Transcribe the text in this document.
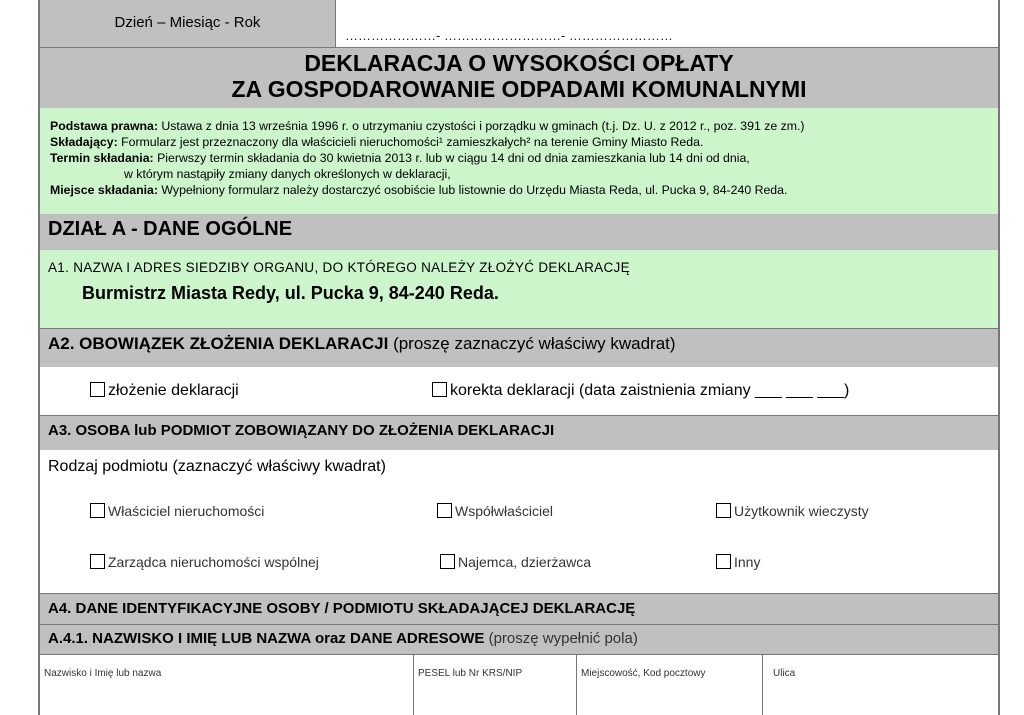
Dzień – Miesiąc - Rok
…………………- ………………………- ……………………
DEKLARACJA O WYSOKOŚCI OPŁATY
ZA GOSPODAROWANIE ODPADAMI KOMUNALNYMI
Podstawa prawna: Ustawa z dnia 13 września 1996 r. o utrzymaniu czystości i porządku w gminach (t.j. Dz. U. z 2012 r., poz. 391 ze zm.)
Składający: Formularz jest przeznaczony dla właścicieli nieruchomości¹ zamieszkałych² na terenie Gminy Miasto Reda.
Termin składania: Pierwszy termin składania do 30 kwietnia 2013 r. lub w ciągu 14 dni od dnia zamieszkania lub 14 dni od dnia,
w którym nastąpiły zmiany danych określonych w deklaracji,
Miejsce składania: Wypełniony formularz należy dostarczyć osobiście lub listownie do Urzędu Miasta Reda, ul. Pucka 9, 84-240 Reda.
DZIAŁ A - DANE OGÓLNE
A1. NAZWA I ADRES SIEDZIBY ORGANU, DO KTÓREGO NALEŻY ZŁOŻYĆ DEKLARACJĘ
Burmistrz Miasta Redy, ul. Pucka 9, 84-240 Reda.
A2. OBOWIĄZEK ZŁOŻENIA DEKLARACJI (proszę zaznaczyć właściwy kwadrat)
złożenie deklaracji	korekta deklaracji (data zaistnienia zmiany ___ ___ ___)
A3. OSOBA lub PODMIOT ZOBOWIĄZANY DO ZŁOŻENIA DEKLARACJI
Rodzaj podmiotu (zaznaczyć właściwy kwadrat)
Właściciel nieruchomości	Współwłaściciel	Użytkownik wieczysty
Zarządca nieruchomości wspólnej	Najemca, dzierżawca	Inny
A4. DANE IDENTYFIKACYJNE OSOBY / PODMIOTU SKŁADAJĄCEJ DEKLARACJĘ
A.4.1. NAZWISKO I IMIĘ LUB NAZWA oraz DANE ADRESOWE (proszę wypełnić pola)
Nazwisko i Imię lub nazwa	PESEL lub Nr KRS/NIP	Miejscowość, Kod pocztowy	Ulica
